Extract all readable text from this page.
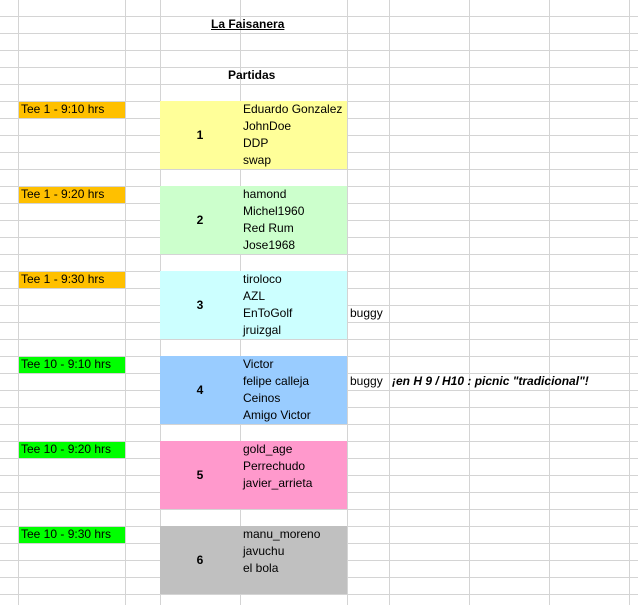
La Faisanera
Partidas
Tee 1 - 9:10 hrs
Tee 1 - 9:20 hrs
Tee 1 - 9:30 hrs
Tee 10 - 9:10 hrs
Tee 10 - 9:20 hrs
Tee 10 - 9:30 hrs
1
2
3
4
5
6
Eduardo Gonzalez
JohnDoe
DDP
swap
hamond
Michel1960
Red Rum
Jose1968
tiroloco
AZL
EnToGolf
jruizgal
Victor
felipe calleja
Ceinos
Amigo Victor
gold_age
Perrechudo
javier_arrieta
manu_moreno
javuchu
el bola
buggy
buggy ¡en H 9 / H10 : picnic "tradicional"!
